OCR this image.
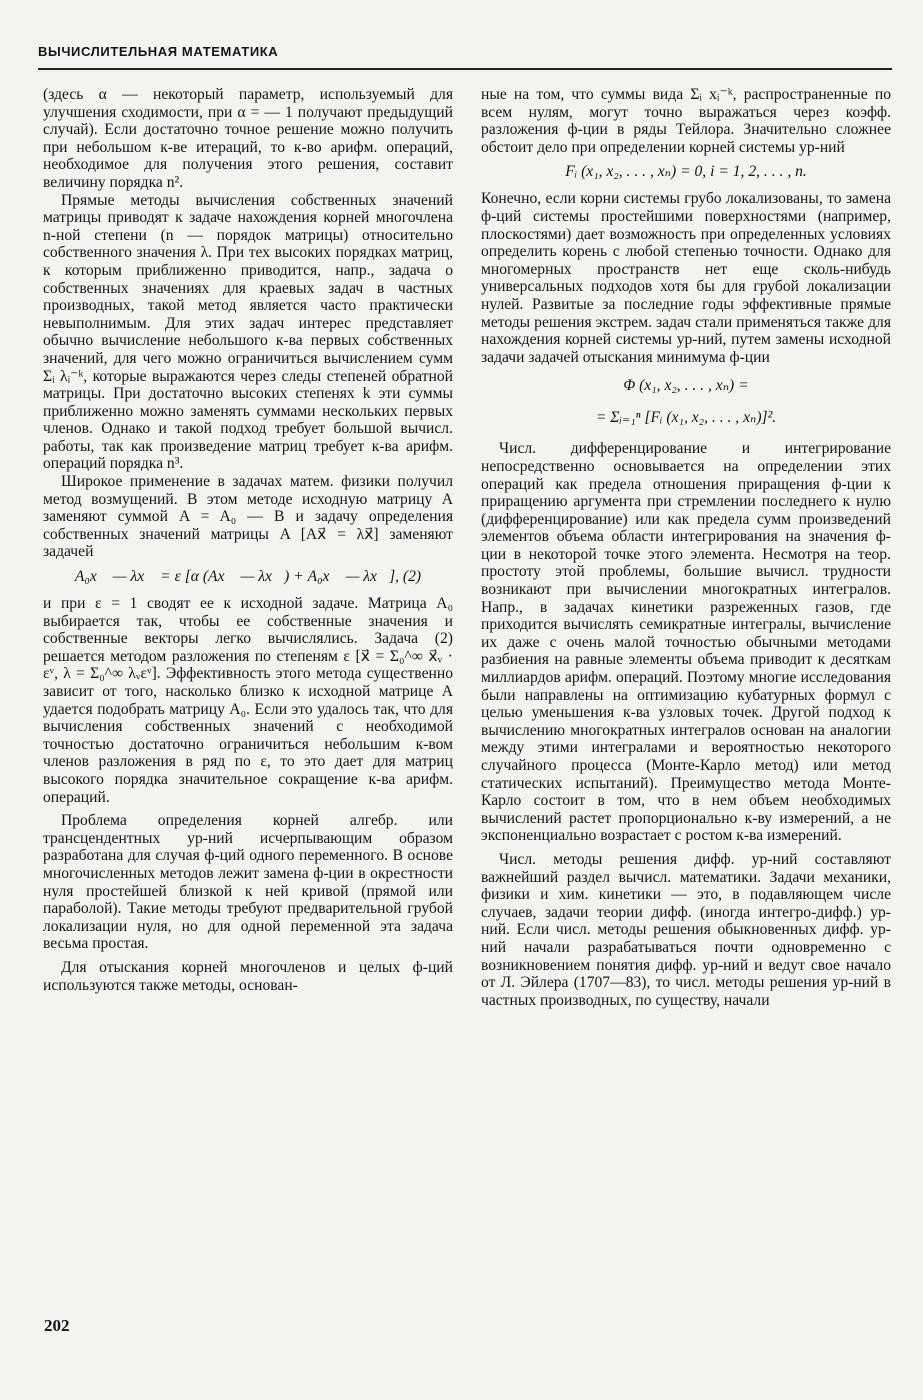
ВЫЧИСЛИТЕЛЬНАЯ МАТЕМАТИКА

(здесь α — некоторый параметр, используемый для улучшения сходимости, при α = — 1 получают предыдущий случай). Если достаточно точное решение можно получить при небольшом к-ве итераций, то к-во арифм. операций, необходимое для получения этого решения, составит величину порядка n².

Прямые методы вычисления собственных значений матрицы приводят к задаче нахождения корней многочлена n-ной степени (n — порядок матрицы) относительно собственного значения λ. При тех высоких порядках матриц, к которым приближенно приводится, напр., задача о собственных значениях для краевых задач в частных производных, такой метод является часто практически невыполнимым. Для этих задач интерес представляет обычно вычисление небольшого к-ва первых собственных значений, для чего можно ограничиться вычислением сумм Σᵢ λᵢ⁻ᵏ, которые выражаются через следы степеней обратной матрицы. При достаточно высоких степенях k эти суммы приближенно можно заменять суммами нескольких первых членов. Однако и такой подход требует большой вычисл. работы, так как произведение матриц требует к-ва арифм. операций порядка n³.

Широкое применение в задачах матем. физики получил метод возмущений. В этом методе исходную матрицу A заменяют суммой A = A₀ — B и задачу определения собственных значений матрицы A [Ax⃗ = λx⃗] заменяют задачей

A₀x⃗ — λx⃗ = ε [α (Ax⃗ — λx⃗) + A₀x⃗ — λx⃗], (2)

и при ε = 1 сводят ее к исходной задаче. Матрица A₀ выбирается так, чтобы ее собственные значения и собственные векторы легко вычислялись. Задача (2) решается методом разложения по степеням ε [x⃗ = Σ₀^∞ x⃗ᵥ · εᵛ, λ = Σ₀^∞ λᵥεᵛ]. Эффективность этого метода существенно зависит от того, насколько близко к исходной матрице A удается подобрать матрицу A₀. Если это удалось так, что для вычисления собственных значений с необходимой точностью достаточно ограничиться небольшим к-вом членов разложения в ряд по ε, то это дает для матриц высокого порядка значительное сокращение к-ва арифм. операций.

Проблема определения корней алгебр. или трансцендентных ур-ний исчерпывающим образом разработана для случая ф-ций одного переменного. В основе многочисленных методов лежит замена ф-ции в окрестности нуля простейшей близкой к ней кривой (прямой или параболой). Такие методы требуют предварительной грубой локализации нуля, но для одной переменной эта задача весьма простая.

Для отыскания корней многочленов и целых ф-ций используются также методы, основан-

ные на том, что суммы вида Σᵢ xᵢ⁻ᵏ, распространенные по всем нулям, могут точно выражаться через коэфф. разложения ф-ции в ряды Тейлора. Значительно сложнее обстоит дело при определении корней системы ур-ний

Fᵢ (x₁, x₂, . . . , xₙ) = 0, i = 1, 2, . . . , n.

Конечно, если корни системы грубо локализованы, то замена ф-ций системы простейшими поверхностями (например, плоскостями) дает возможность при определенных условиях определить корень с любой степенью точности. Однако для многомерных пространств нет еще сколь-нибудь универсальных подходов хотя бы для грубой локализации нулей. Развитые за последние годы эффективные прямые методы решения экстрем. задач стали применяться также для нахождения корней системы ур-ний, путем замены исходной задачи задачей отыскания минимума ф-ции

Φ (x₁, x₂, . . . , xₙ) =
= Σᵢ₌₁ⁿ [Fᵢ (x₁, x₂, . . . , xₙ)]².

Числ. дифференцирование и интегрирование непосредственно основывается на определении этих операций как предела отношения приращения ф-ции к приращению аргумента при стремлении последнего к нулю (дифференцирование) или как предела сумм произведений элементов объема области интегрирования на значения ф-ции в некоторой точке этого элемента. Несмотря на теор. простоту этой проблемы, большие вычисл. трудности возникают при вычислении многократных интегралов. Напр., в задачах кинетики разреженных газов, где приходится вычислять семикратные интегралы, вычисление их даже с очень малой точностью обычными методами разбиения на равные элементы объема приводит к десяткам миллиардов арифм. операций. Поэтому многие исследования были направлены на оптимизацию кубатурных формул с целью уменьшения к-ва узловых точек. Другой подход к вычислению многократных интегралов основан на аналогии между этими интегралами и вероятностью некоторого случайного процесса (Монте-Карло метод) или метод статических испытаний). Преимущество метода Монте-Карло состоит в том, что в нем объем необходимых вычислений растет пропорционально к-ву измерений, а не экспоненциально возрастает с ростом к-ва измерений.

Числ. методы решения дифф. ур-ний составляют важнейший раздел вычисл. математики. Задачи механики, физики и хим. кинетики — это, в подавляющем числе случаев, задачи теории дифф. (иногда интегро-дифф.) ур-ний. Если числ. методы решения обыкновенных дифф. ур-ний начали разрабатываться почти одновременно с возникновением понятия дифф. ур-ний и ведут свое начало от Л. Эйлера (1707—83), то числ. методы решения ур-ний в частных производных, по существу, начали

202
